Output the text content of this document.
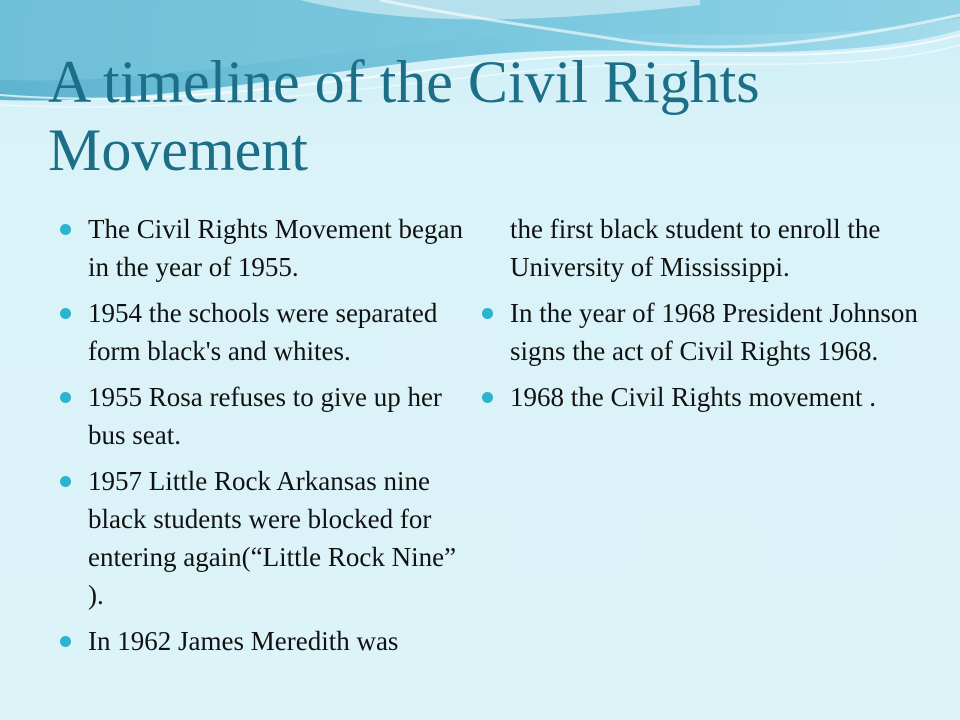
A timeline of the Civil Rights Movement
The Civil Rights Movement began in the year of 1955.
1954 the schools were separated form black's and whites.
1955 Rosa refuses to give up her bus seat.
1957 Little Rock Arkansas nine black students were blocked for entering again(“Little Rock Nine” ).
In 1962 James Meredith was
the first black student to enroll the University of Mississippi.
In the year of 1968 President Johnson signs the act of Civil Rights 1968.
1968 the Civil Rights movement .
